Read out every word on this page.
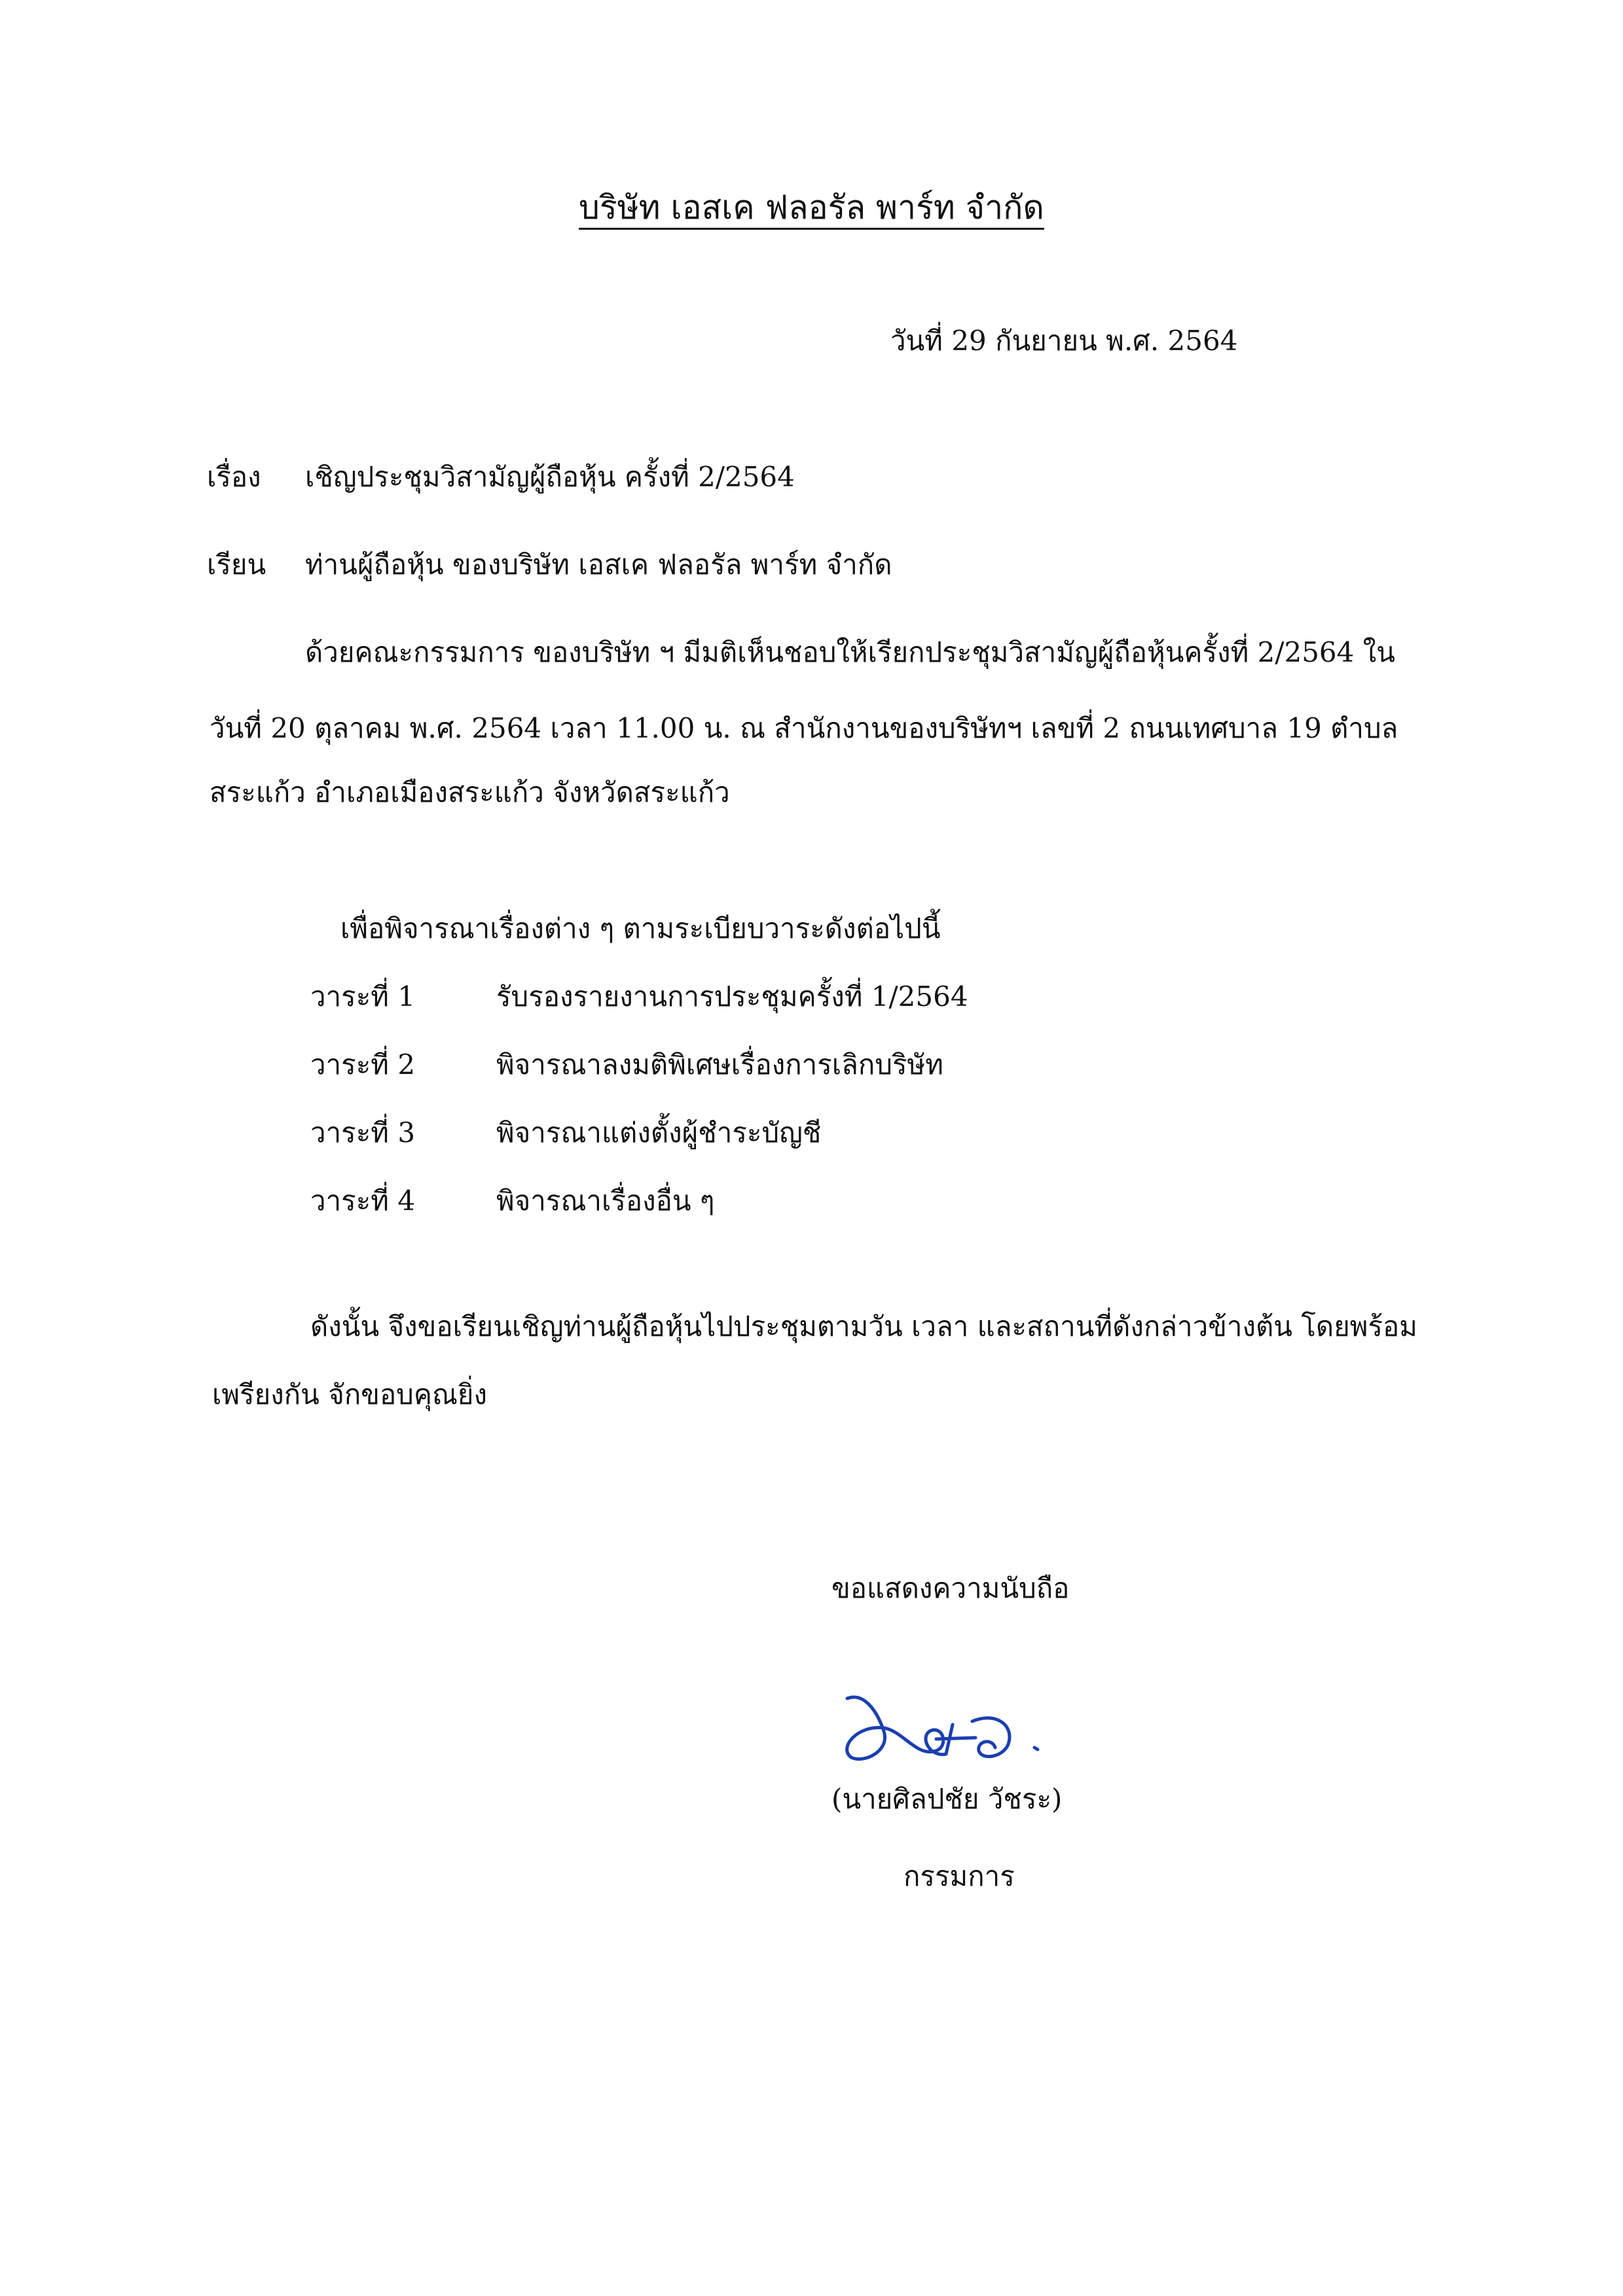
บริษัท เอสเค ฟลอรัล พาร์ท จำกัด
วันที่ 29 กันยายน พ.ศ. 2564
เรื่อง เชิญประชุมวิสามัญผู้ถือหุ้น ครั้งที่ 2/2564
เรียน ท่านผู้ถือหุ้น ของบริษัท เอสเค ฟลอรัล พาร์ท จำกัด
ด้วยคณะกรรมการ ของบริษัท ฯ มีมติเห็นชอบให้เรียกประชุมวิสามัญผู้ถือหุ้นครั้งที่ 2/2564 ใน
วันที่ 20 ตุลาคม พ.ศ. 2564 เวลา 11.00 น. ณ สำนักงานของบริษัทฯ เลขที่ 2 ถนนเทศบาล 19 ตำบล
สระแก้ว อำเภอเมืองสระแก้ว จังหวัดสระแก้ว
เพื่อพิจารณาเรื่องต่าง ๆ ตามระเบียบวาระดังต่อไปนี้
วาระที่ 1	รับรองรายงานการประชุมครั้งที่ 1/2564
วาระที่ 2	พิจารณาลงมติพิเศษเรื่องการเลิกบริษัท
วาระที่ 3	พิจารณาแต่งตั้งผู้ชำระบัญชี
วาระที่ 4	พิจารณาเรื่องอื่น ๆ
ดังนั้น จึงขอเรียนเชิญท่านผู้ถือหุ้นไปประชุมตามวัน เวลา และสถานที่ดังกล่าวข้างต้น โดยพร้อม
เพรียงกัน จักขอบคุณยิ่ง
ขอแสดงความนับถือ
(นายศิลปชัย วัชระ)
กรรมการ
